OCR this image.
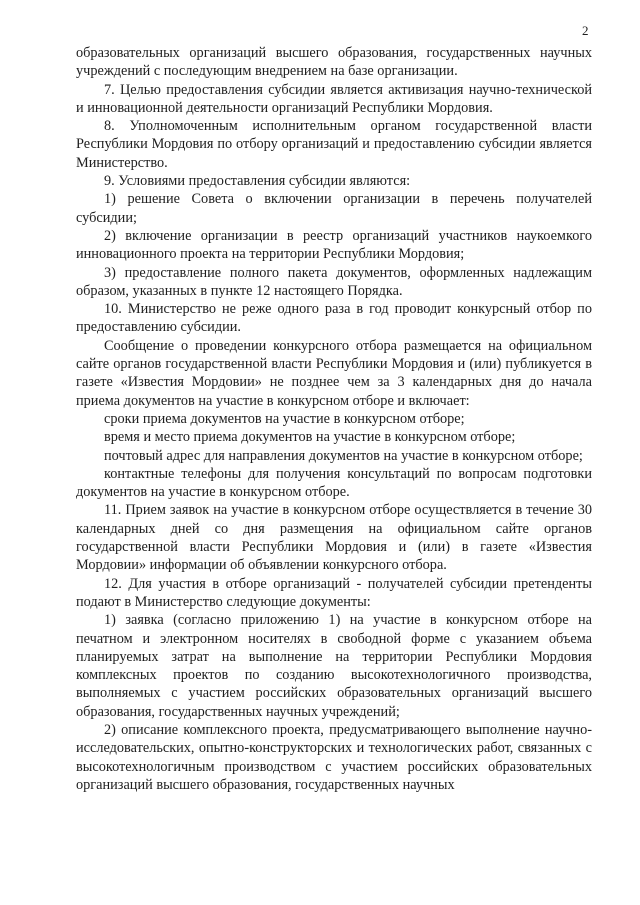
2

образовательных организаций высшего образования, государственных научных учреждений с последующим внедрением на базе организации.

7. Целью предоставления субсидии является активизация научно-технической и инновационной деятельности организаций Республики Мордовия.

8. Уполномоченным исполнительным органом государственной власти Республики Мордовия по отбору организаций и предоставлению субсидии является Министерство.

9. Условиями предоставления субсидии являются:

1) решение Совета о включении организации в перечень получателей субсидии;

2) включение организации в реестр организаций участников наукоемкого инновационного проекта на территории Республики Мордовия;

3) предоставление полного пакета документов, оформленных надлежащим образом, указанных в пункте 12 настоящего Порядка.

10. Министерство не реже одного раза в год проводит конкурсный отбор по предоставлению субсидии.

Сообщение о проведении конкурсного отбора размещается на официальном сайте органов государственной власти Республики Мордовия и (или) публикуется в газете «Известия Мордовии» не позднее чем за 3 календарных дня до начала приема документов на участие в конкурсном отборе и включает:

сроки приема документов на участие в конкурсном отборе;

время и место приема документов на участие в конкурсном отборе;

почтовый адрес для направления документов на участие в конкурсном отборе;

контактные телефоны для получения консультаций по вопросам подготовки документов на участие в конкурсном отборе.

11. Прием заявок на участие в конкурсном отборе осуществляется в течение 30 календарных дней со дня размещения на официальном сайте органов государственной власти Республики Мордовия и (или) в газете «Известия Мордовии» информации об объявлении конкурсного отбора.

12. Для участия в отборе организаций - получателей субсидии претенденты подают в Министерство следующие документы:

1) заявка (согласно приложению 1) на участие в конкурсном отборе на печатном и электронном носителях в свободной форме с указанием объема планируемых затрат на выполнение на территории Республики Мордовия комплексных проектов по созданию высокотехнологичного производства, выполняемых с участием российских образовательных организаций высшего образования, государственных научных учреждений;

2) описание комплексного проекта, предусматривающего выполнение научно-исследовательских, опытно-конструкторских и технологических работ, связанных с высокотехнологичным производством с участием российских образовательных организаций высшего образования, государственных научных
